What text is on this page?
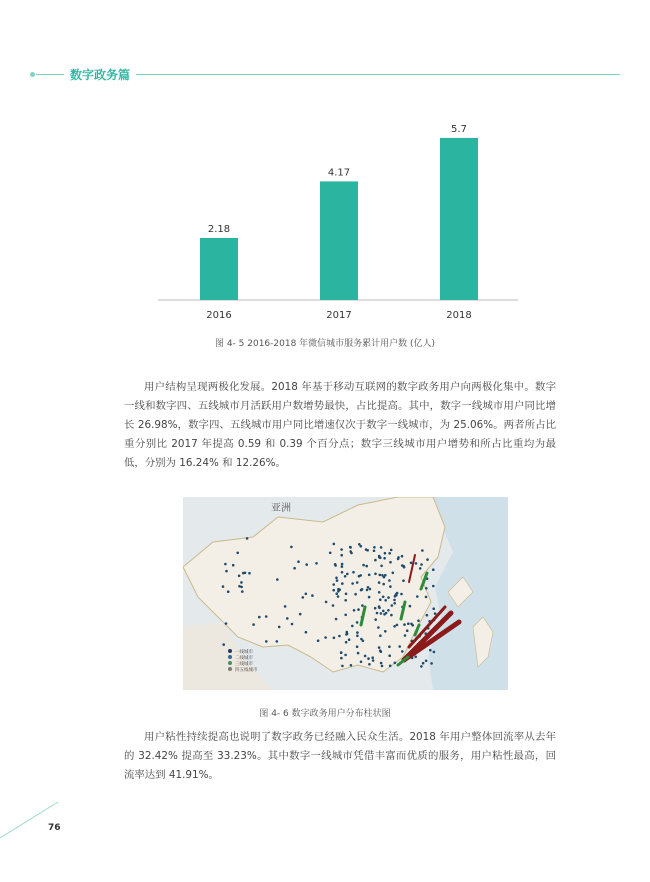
数字政务篇
2.18
2016
4.17
2017
5.7
2018
图 4- 5 2016-2018 年微信城市服务累计用户数 (亿人)

用户结构呈现两极化发展。2018 年基于移动互联网的数字政务用户向两极化集中。数字一线和数字四、五线城市月活跃用户数增势最快，占比提高。其中，数字一线城市用户同比增长 26.98%，数字四、五线城市用户同比增速仅次于数字一线城市，为 25.06%。两者所占比重分别比 2017 年提高 0.59 和 0.39 个百分点；数字三线城市用户增势和所占比重均为最低，分别为 16.24% 和 12.26%。

亚洲
一线城市
二线城市
三线城市
四五线城市
图 4- 6 数字政务用户分布柱状图

用户粘性持续提高也说明了数字政务已经融入民众生活。2018 年用户整体回流率从去年的 32.42% 提高至 33.23%。其中数字一线城市凭借丰富而优质的服务，用户粘性最高，回流率达到 41.91%。

76
